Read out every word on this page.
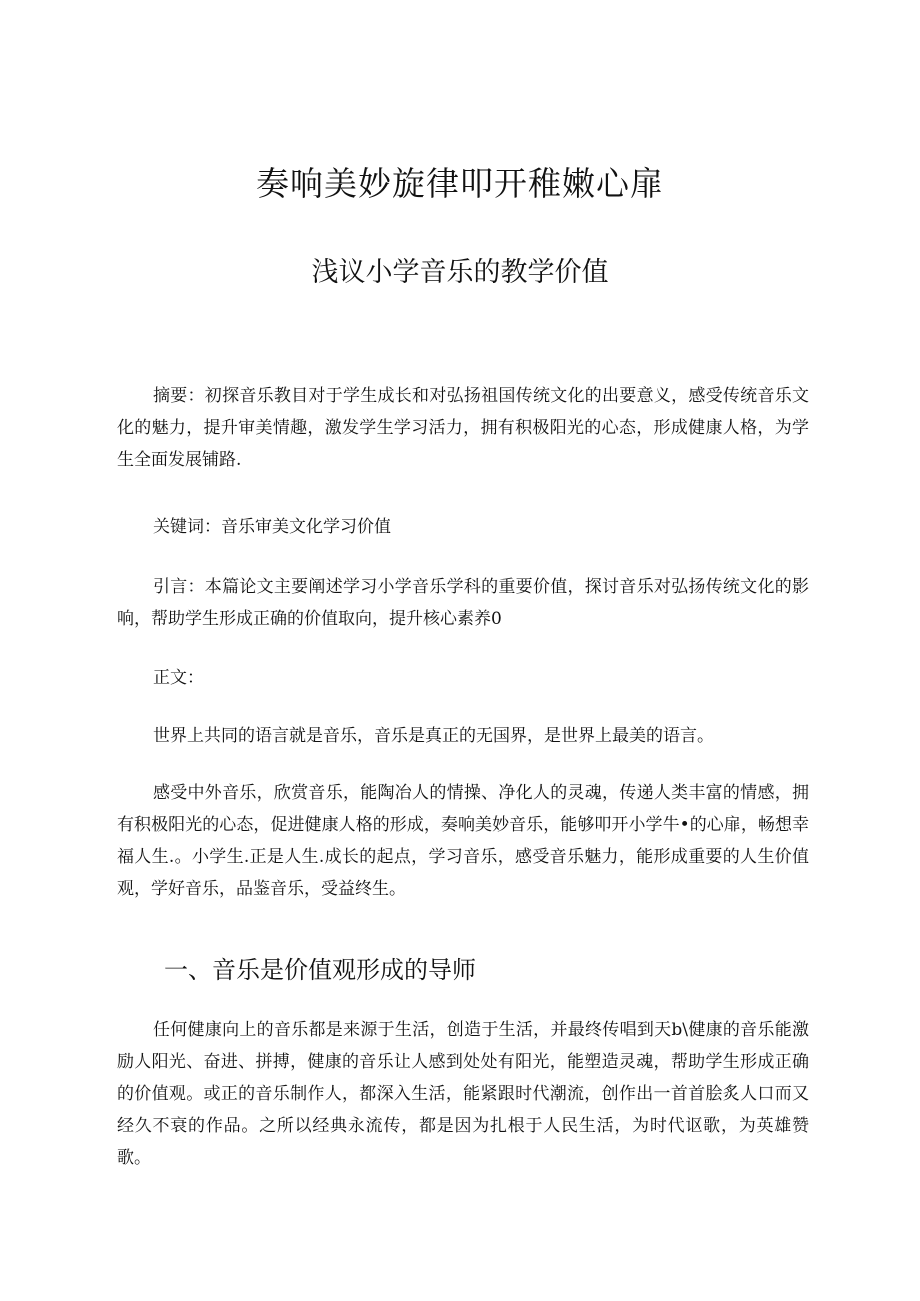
奏响美妙旋律叩开稚嫩心扉
浅议小学音乐的教学价值

摘要：初探音乐教目对于学生成长和对弘扬祖国传统文化的出要意义，感受传统音乐文化的魅力，提升审美情趣，激发学生学习活力，拥有积极阳光的心态，形成健康人格，为学生全面发展铺路.

关键词：音乐审美文化学习价值

引言：本篇论文主要阐述学习小学音乐学科的重要价值，探讨音乐对弘扬传统文化的影响，帮助学生形成正确的价值取向，提升核心素养0

正文：

世界上共同的语言就是音乐，音乐是真正的无国界，是世界上最美的语言。

感受中外音乐，欣赏音乐，能陶冶人的情操、净化人的灵魂，传递人类丰富的情感，拥有积极阳光的心态，促进健康人格的形成，奏响美妙音乐，能够叩开小学牛•的心扉，畅想幸福人生.。小学生.正是人生.成长的起点，学习音乐，感受音乐魅力，能形成重要的人生价值观，学好音乐，品鉴音乐，受益终生。

一、音乐是价值观形成的导师

任何健康向上的音乐都是来源于生活，创造于生活，并最终传唱到天b\健康的音乐能激励人阳光、奋进、拼搏，健康的音乐让人感到处处有阳光，能塑造灵魂，帮助学生形成正确的价值观。或正的音乐制作人，都深入生活，能紧跟时代潮流，创作出一首首脍炙人口而又经久不衰的作品。之所以经典永流传，都是因为扎根于人民生活，为时代讴歌，为英雄赞歌。
